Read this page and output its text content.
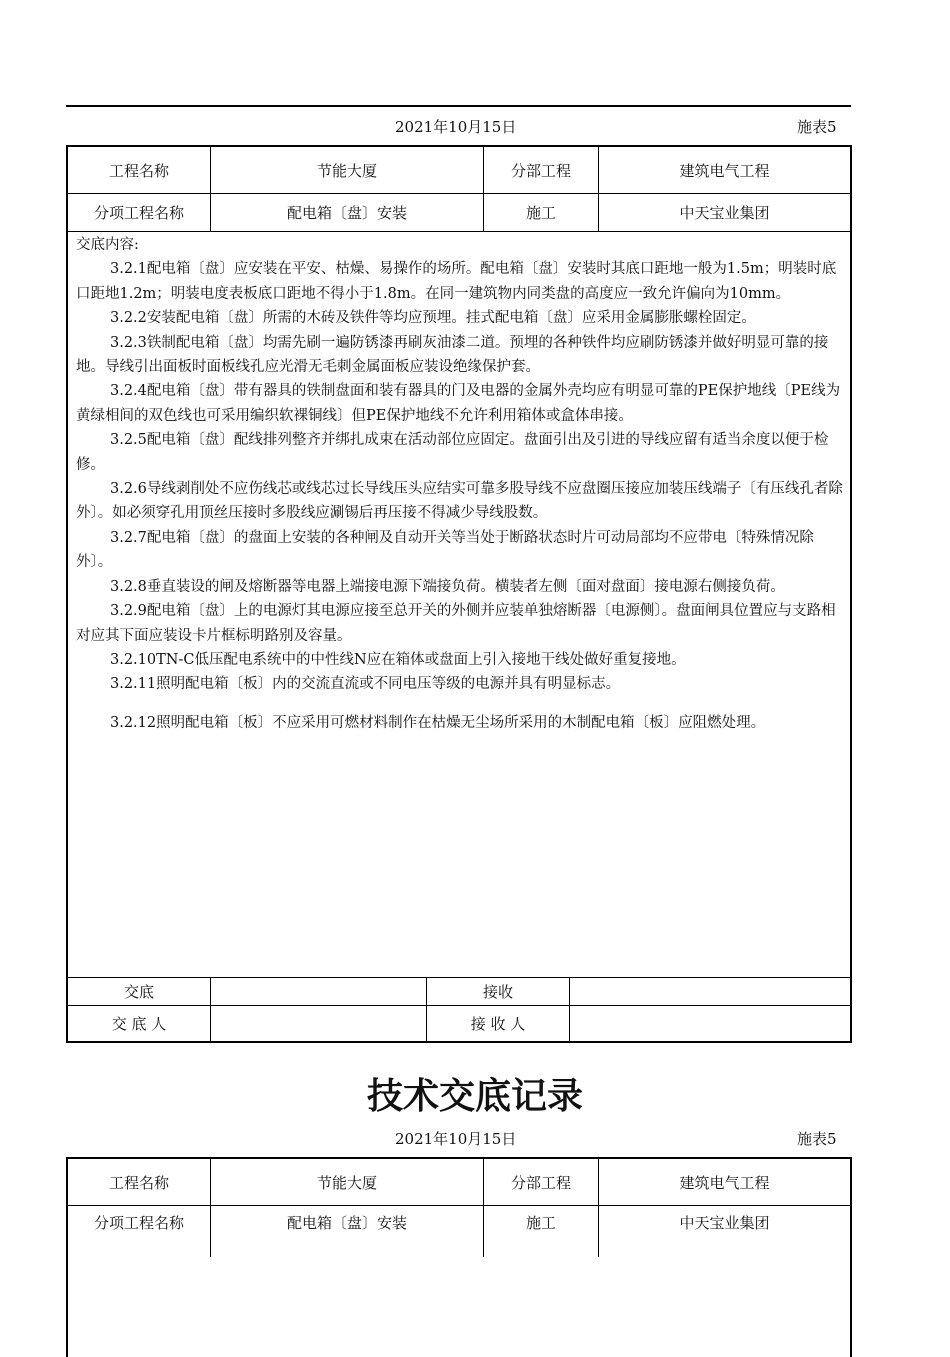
2021年10月15日	施表5
工程名称	节能大厦	分部工程	建筑电气工程
分项工程名称	配电箱〔盘〕安装	施工	中天宝业集团

交底内容:

3.2.1配电箱〔盘〕应安装在平安、枯燥、易操作的场所。配电箱〔盘〕安装时其底口距地一般为1.5m；明装时底口距地1.2m；明装电度表板底口距地不得小于1.8m。在同一建筑物内同类盘的高度应一致允许偏向为10mm。

3.2.2安装配电箱〔盘〕所需的木砖及铁件等均应预埋。挂式配电箱〔盘〕应采用金属膨胀螺栓固定。

3.2.3铁制配电箱〔盘〕均需先刷一遍防锈漆再刷灰油漆二道。预埋的各种铁件均应刷防锈漆并做好明显可靠的接地。导线引出面板时面板线孔应光滑无毛刺金属面板应装设绝缘保护套。

3.2.4配电箱〔盘〕带有器具的铁制盘面和装有器具的门及电器的金属外壳均应有明显可靠的PE保护地线〔PE线为黄绿相间的双色线也可采用编织软裸铜线〕但PE保护地线不允许利用箱体或盒体串接。

3.2.5配电箱〔盘〕配线排列整齐并绑扎成束在活动部位应固定。盘面引出及引进的导线应留有适当余度以便于检修。

3.2.6导线剥削处不应伤线芯或线芯过长导线压头应结实可靠多股导线不应盘圈压接应加装压线端子〔有压线孔者除外〕。如必须穿孔用顶丝压接时多股线应涮锡后再压接不得减少导线股数。

3.2.7配电箱〔盘〕的盘面上安装的各种闸及自动开关等当处于断路状态时片可动局部均不应带电〔特殊情况除外〕。

3.2.8垂直装设的闸及熔断器等电器上端接电源下端接负荷。横装者左侧〔面对盘面〕接电源右侧接负荷。

3.2.9配电箱〔盘〕上的电源灯其电源应接至总开关的外侧并应装单独熔断器〔电源侧〕。盘面闸具位置应与支路相对应其下面应装设卡片框标明路别及容量。

3.2.10TN-C低压配电系统中的中性线N应在箱体或盘面上引入接地干线处做好重复接地。

3.2.11照明配电箱〔板〕内的交流直流或不同电压等级的电源并具有明显标志。

3.2.12照明配电箱〔板〕不应采用可燃材料制作在枯燥无尘场所采用的木制配电箱〔板〕应阻燃处理。

交底	接收
交 底 人	接 收 人
技术交底记录
2021年10月15日	施表5
工程名称	节能大厦	分部工程	建筑电气工程
分项工程名称	配电箱〔盘〕安装	施工	中天宝业集团
